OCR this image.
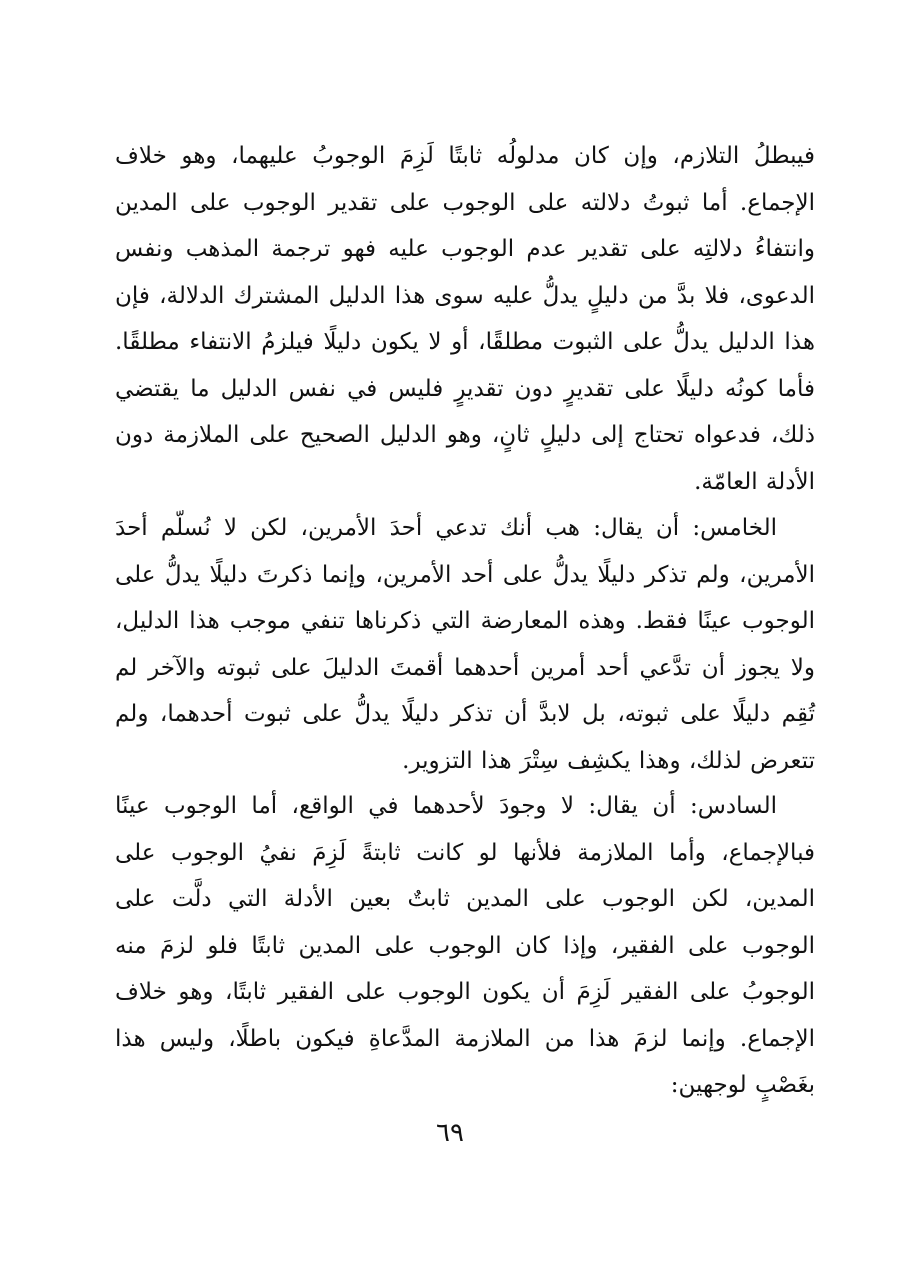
فيبطلُ التلازم، وإن كان مدلولُه ثابتًا لَزِمَ الوجوبُ عليهما، وهو خلاف الإجماع. أما ثبوتُ دلالته على الوجوب على تقدير الوجوب على المدين وانتفاءُ دلالتِه على تقدير عدم الوجوب عليه فهو ترجمة المذهب ونفس الدعوى، فلا بدَّ من دليلٍ يدلُّ عليه سوى هذا الدليل المشترك الدلالة، فإن هذا الدليل يدلُّ على الثبوت مطلقًا، أو لا يكون دليلًا فيلزمُ الانتفاء مطلقًا. فأما كونُه دليلًا على تقديرٍ دون تقديرٍ فليس في نفس الدليل ما يقتضي ذلك، فدعواه تحتاج إلى دليلٍ ثانٍ، وهو الدليل الصحيح على الملازمة دون الأدلة العامّة.

الخامس: أن يقال: هب أنك تدعي أحدَ الأمرين، لكن لا نُسلّم أحدَ الأمرين، ولم تذكر دليلًا يدلُّ على أحد الأمرين، وإنما ذكرتَ دليلًا يدلُّ على الوجوب عينًا فقط. وهذه المعارضة التي ذكرناها تنفي موجب هذا الدليل، ولا يجوز أن تدَّعي أحد أمرين أحدهما أقمتَ الدليلَ على ثبوته والآخر لم تُقِم دليلًا على ثبوته، بل لابدَّ أن تذكر دليلًا يدلُّ على ثبوت أحدهما، ولم تتعرض لذلك، وهذا يكشِف سِتْرَ هذا التزوير.

السادس: أن يقال: لا وجودَ لأحدهما في الواقع، أما الوجوب عينًا فبالإجماع، وأما الملازمة فلأنها لو كانت ثابتةً لَزِمَ نفيُ الوجوب على المدين، لكن الوجوب على المدين ثابتٌ بعين الأدلة التي دلَّت على الوجوب على الفقير، وإذا كان الوجوب على المدين ثابتًا فلو لزمَ منه الوجوبُ على الفقير لَزِمَ أن يكون الوجوب على الفقير ثابتًا، وهو خلاف الإجماع. وإنما لزمَ هذا من الملازمة المدَّعاةِ فيكون باطلًا، وليس هذا بغَصْبٍ لوجهين:

٦٩
